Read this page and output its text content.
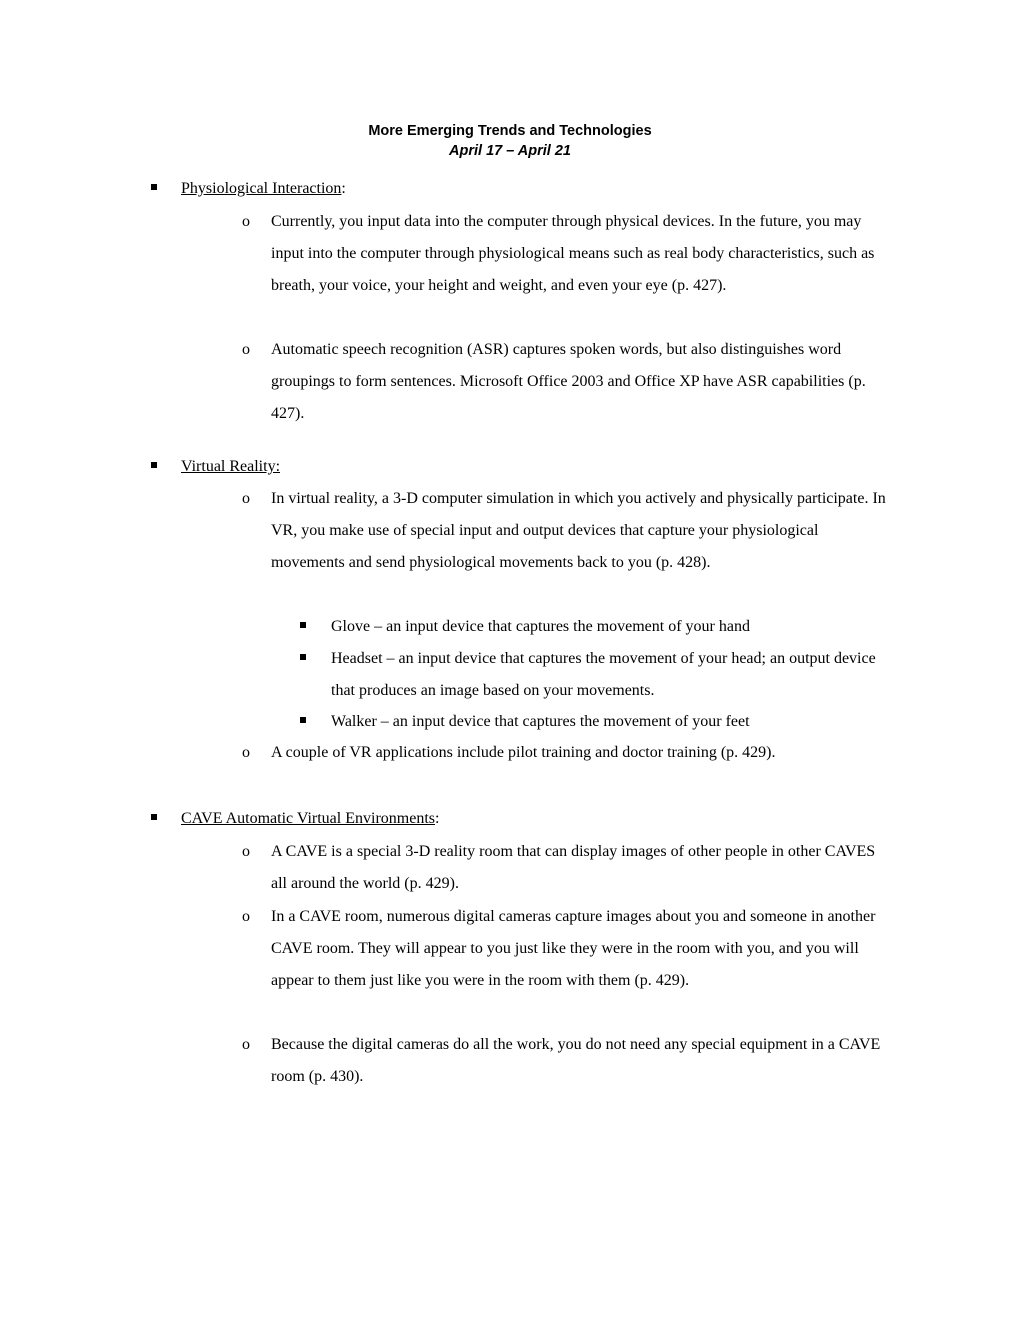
More Emerging Trends and Technologies
April 17 – April 21
Physiological Interaction:
o Currently, you input data into the computer through physical devices. In the future, you may input into the computer through physiological means such as real body characteristics, such as breath, your voice, your height and weight, and even your eye (p. 427).
o Automatic speech recognition (ASR) captures spoken words, but also distinguishes word groupings to form sentences. Microsoft Office 2003 and Office XP have ASR capabilities (p. 427).
Virtual Reality:
o In virtual reality, a 3-D computer simulation in which you actively and physically participate. In VR, you make use of special input and output devices that capture your physiological movements and send physiological movements back to you (p. 428).
Glove – an input device that captures the movement of your hand
Headset – an input device that captures the movement of your head; an output device that produces an image based on your movements.
Walker – an input device that captures the movement of your feet
o A couple of VR applications include pilot training and doctor training (p. 429).
CAVE Automatic Virtual Environments:
o A CAVE is a special 3-D reality room that can display images of other people in other CAVES all around the world (p. 429).
o In a CAVE room, numerous digital cameras capture images about you and someone in another CAVE room. They will appear to you just like they were in the room with you, and you will appear to them just like you were in the room with them (p. 429).
o Because the digital cameras do all the work, you do not need any special equipment in a CAVE room (p. 430).
